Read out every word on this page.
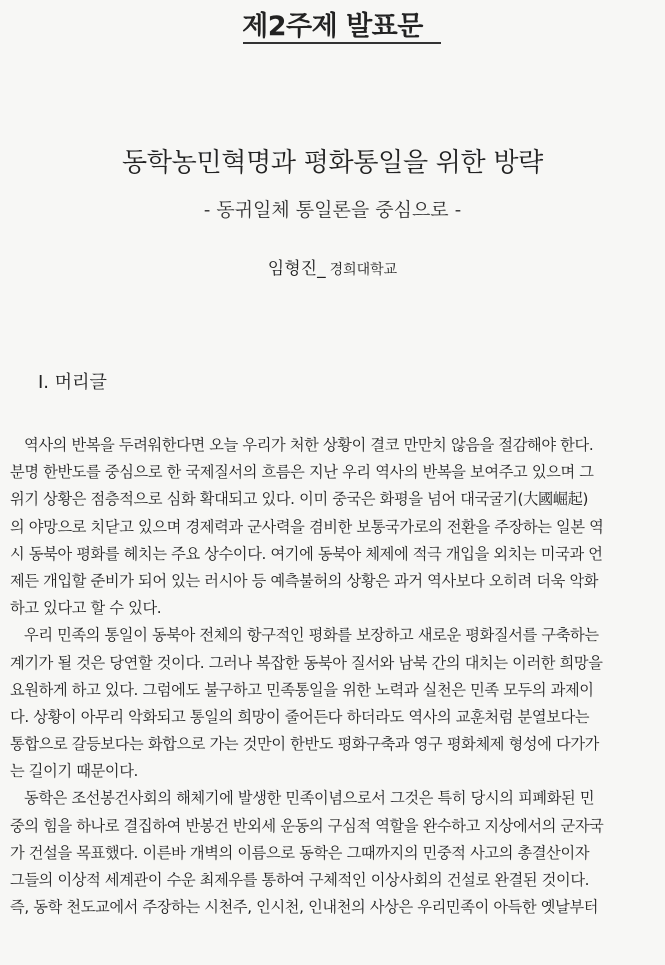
제2주제 발표문
동학농민혁명과 평화통일을 위한 방략
- 동귀일체 통일론을 중심으로 -
임형진_ 경희대학교
Ⅰ. 머리글
역사의 반복을 두려워한다면 오늘 우리가 처한 상황이 결코 만만치 않음을 절감해야 한다.
분명 한반도를 중심으로 한 국제질서의 흐름은 지난 우리 역사의 반복을 보여주고 있으며 그
위기 상황은 점층적으로 심화 확대되고 있다. 이미 중국은 화평을 넘어 대국굴기(大國崛起)
의 야망으로 치닫고 있으며 경제력과 군사력을 겸비한 보통국가로의 전환을 주장하는 일본 역
시 동북아 평화를 헤치는 주요 상수이다. 여기에 동북아 체제에 적극 개입을 외치는 미국과 언
제든 개입할 준비가 되어 있는 러시아 등 예측불허의 상황은 과거 역사보다 오히려 더욱 악화
하고 있다고 할 수 있다.
우리 민족의 통일이 동북아 전체의 항구적인 평화를 보장하고 새로운 평화질서를 구축하는
계기가 될 것은 당연할 것이다. 그러나 복잡한 동북아 질서와 남북 간의 대치는 이러한 희망을
요원하게 하고 있다. 그럼에도 불구하고 민족통일을 위한 노력과 실천은 민족 모두의 과제이
다. 상황이 아무리 악화되고 통일의 희망이 줄어든다 하더라도 역사의 교훈처럼 분열보다는
통합으로 갈등보다는 화합으로 가는 것만이 한반도 평화구축과 영구 평화체제 형성에 다가가
는 길이기 때문이다.
동학은 조선봉건사회의 해체기에 발생한 민족이념으로서 그것은 특히 당시의 피폐화된 민
중의 힘을 하나로 결집하여 반봉건 반외세 운동의 구심적 역할을 완수하고 지상에서의 군자국
가 건설을 목표했다. 이른바 개벽의 이름으로 동학은 그때까지의 민중적 사고의 총결산이자
그들의 이상적 세계관이 수운 최제우를 통하여 구체적인 이상사회의 건설로 완결된 것이다.
즉, 동학 천도교에서 주장하는 시천주, 인시천, 인내천의 사상은 우리민족이 아득한 옛날부터
